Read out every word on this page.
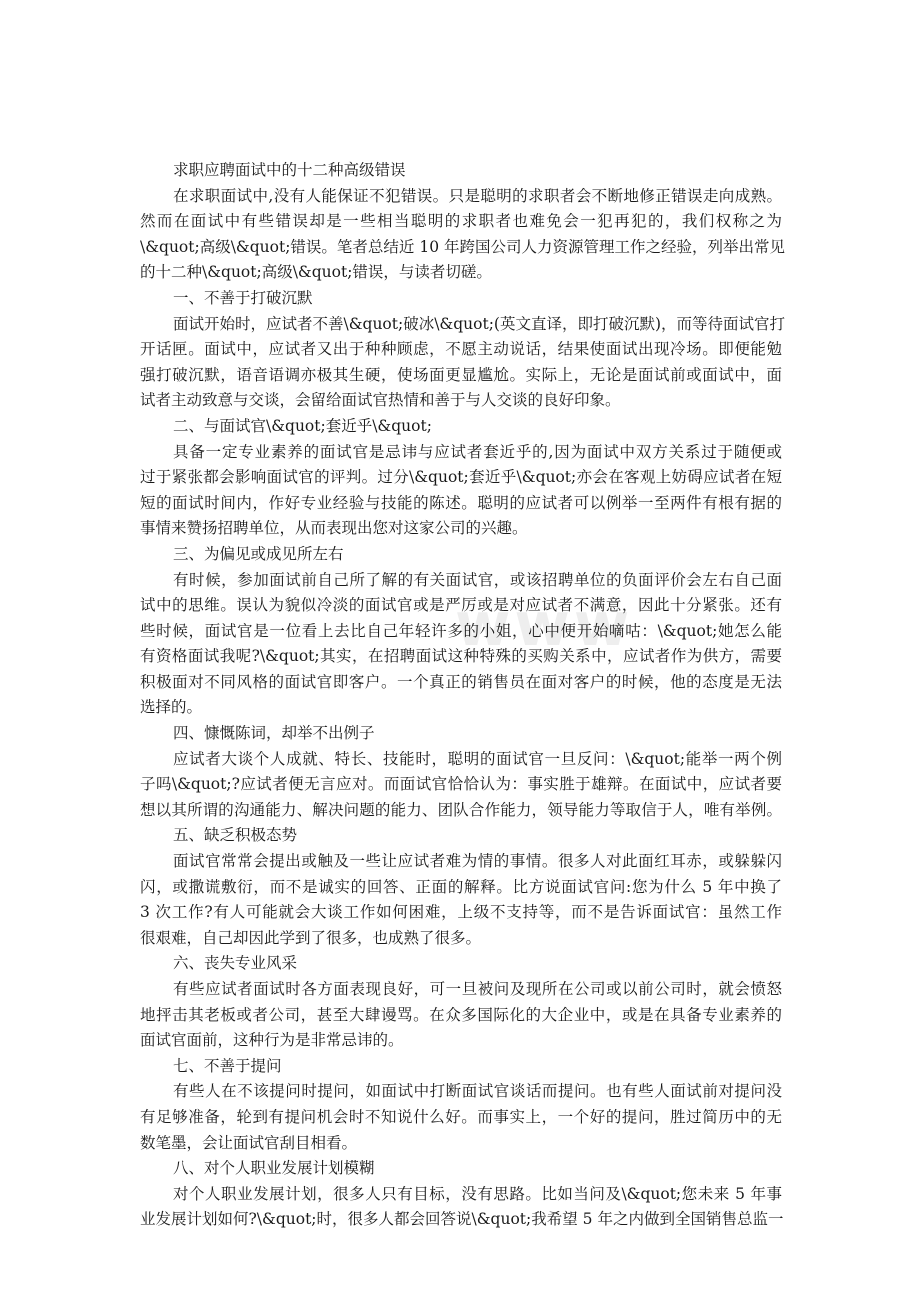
www
求职应聘面试中的十二种高级错误
在求职面试中,没有人能保证不犯错误。只是聪明的求职者会不断地修正错误走向成熟。
然而在面试中有些错误却是一些相当聪明的求职者也难免会一犯再犯的，我们权称之为
\&quot;高级\&quot;错误。笔者总结近 10 年跨国公司人力资源管理工作之经验，列举出常见
的十二种\&quot;高级\&quot;错误，与读者切磋。
一、不善于打破沉默
面试开始时，应试者不善\&quot;破冰\&quot;(英文直译，即打破沉默)，而等待面试官打
开话匣。面试中，应试者又出于种种顾虑，不愿主动说话，结果使面试出现冷场。即便能勉
强打破沉默，语音语调亦极其生硬，使场面更显尴尬。实际上，无论是面试前或面试中，面
试者主动致意与交谈，会留给面试官热情和善于与人交谈的良好印象。
二、与面试官\&quot;套近乎\&quot;
具备一定专业素养的面试官是忌讳与应试者套近乎的,因为面试中双方关系过于随便或
过于紧张都会影响面试官的评判。过分\&quot;套近乎\&quot;亦会在客观上妨碍应试者在短
短的面试时间内，作好专业经验与技能的陈述。聪明的应试者可以例举一至两件有根有据的
事情来赞扬招聘单位，从而表现出您对这家公司的兴趣。
三、为偏见或成见所左右
有时候，参加面试前自己所了解的有关面试官，或该招聘单位的负面评价会左右自己面
试中的思维。误认为貌似冷淡的面试官或是严厉或是对应试者不满意，因此十分紧张。还有
些时候，面试官是一位看上去比自己年轻许多的小姐，心中便开始嘀咕：\&quot;她怎么能
有资格面试我呢?\&quot;其实，在招聘面试这种特殊的买购关系中，应试者作为供方，需要
积极面对不同风格的面试官即客户。一个真正的销售员在面对客户的时候，他的态度是无法
选择的。
四、慷慨陈词，却举不出例子
应试者大谈个人成就、特长、技能时，聪明的面试官一旦反问：\&quot;能举一两个例
子吗\&quot;?应试者便无言应对。而面试官恰恰认为：事实胜于雄辩。在面试中，应试者要
想以其所谓的沟通能力、解决问题的能力、团队合作能力，领导能力等取信于人，唯有举例。
五、缺乏积极态势
面试官常常会提出或触及一些让应试者难为情的事情。很多人对此面红耳赤，或躲躲闪
闪，或撒谎敷衍，而不是诚实的回答、正面的解释。比方说面试官问:您为什么 5 年中换了
3 次工作?有人可能就会大谈工作如何困难，上级不支持等，而不是告诉面试官：虽然工作
很艰难，自己却因此学到了很多，也成熟了很多。
六、丧失专业风采
有些应试者面试时各方面表现良好，可一旦被问及现所在公司或以前公司时，就会愤怒
地抨击其老板或者公司，甚至大肆谩骂。在众多国际化的大企业中，或是在具备专业素养的
面试官面前，这种行为是非常忌讳的。
七、不善于提问
有些人在不该提问时提问，如面试中打断面试官谈话而提问。也有些人面试前对提问没
有足够准备，轮到有提问机会时不知说什么好。而事实上，一个好的提问，胜过简历中的无
数笔墨，会让面试官刮目相看。
八、对个人职业发展计划模糊
对个人职业发展计划，很多人只有目标，没有思路。比如当问及\&quot;您未来 5 年事
业发展计划如何?\&quot;时，很多人都会回答说\&quot;我希望 5 年之内做到全国销售总监一
